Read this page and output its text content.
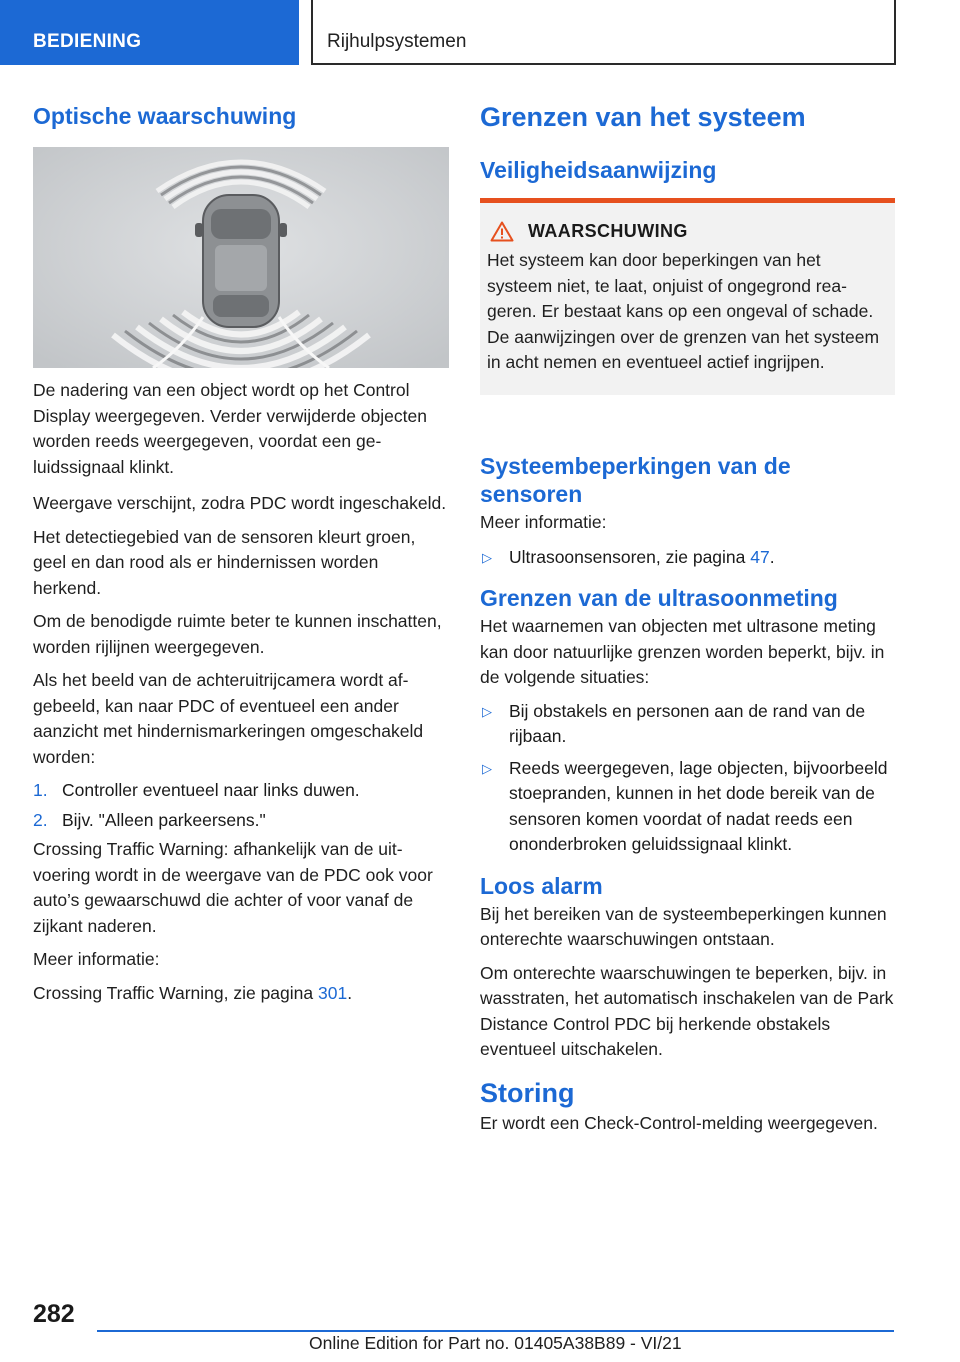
BEDIENING	Rijhulpsystemen
Optische waarschuwing

De nadering van een object wordt op het Control Display weergegeven. Verder verwijderde objecten worden reeds weergegeven, voordat een geluidssignaal klinkt.

Weergave verschijnt, zodra PDC wordt ingeschakeld.

Het detectiegebied van de sensoren kleurt groen, geel en dan rood als er hindernissen worden herkend.

Om de benodigde ruimte beter te kunnen inschatten, worden rijlijnen weergegeven.

Als het beeld van de achteruitrijcamera wordt afgebeeld, kan naar PDC of eventueel een ander aanzicht met hindernismarkeringen omgeschakeld worden:

1. Controller eventueel naar links duwen.
2. Bijv. "Alleen parkeersens."

Crossing Traffic Warning: afhankelijk van de uitvoering wordt in de weergave van de PDC ook voor auto’s gewaarschuwd die achter of voor vanaf de zijkant naderen.

Meer informatie:

Crossing Traffic Warning, zie pagina 301.

Grenzen van het systeem
Veiligheidsaanwijzing
WAARSCHUWING

Het systeem kan door beperkingen van het systeem niet, te laat, onjuist of ongegrond reageren. Er bestaat kans op een ongeval of schade. De aanwijzingen over de grenzen van het systeem in acht nemen en eventueel actief ingrijpen.

Systeembeperkingen van de sensoren

Meer informatie:

▷ Ultrasoonsensoren, zie pagina 47.
Grenzen van de ultrasoonmeting

Het waarnemen van objecten met ultrasone meting kan door natuurlijke grenzen worden beperkt, bijv. in de volgende situaties:

▷ Bij obstakels en personen aan de rand van de rijbaan.
▷ Reeds weergegeven, lage objecten, bijvoorbeeld stoepranden, kunnen in het dode bereik van de sensoren komen voordat of nadat reeds een ononderbroken geluidssignaal klinkt.
Loos alarm

Bij het bereiken van de systeembeperkingen kunnen onterechte waarschuwingen ontstaan.

Om onterechte waarschuwingen te beperken, bijv. in wasstraten, het automatisch inschakelen van de Park Distance Control PDC bij herkende obstakels eventueel uitschakelen.

Storing

Er wordt een Check-Control-melding weergegeven.

282
Online Edition for Part no. 01405A38B89 - VI/21
